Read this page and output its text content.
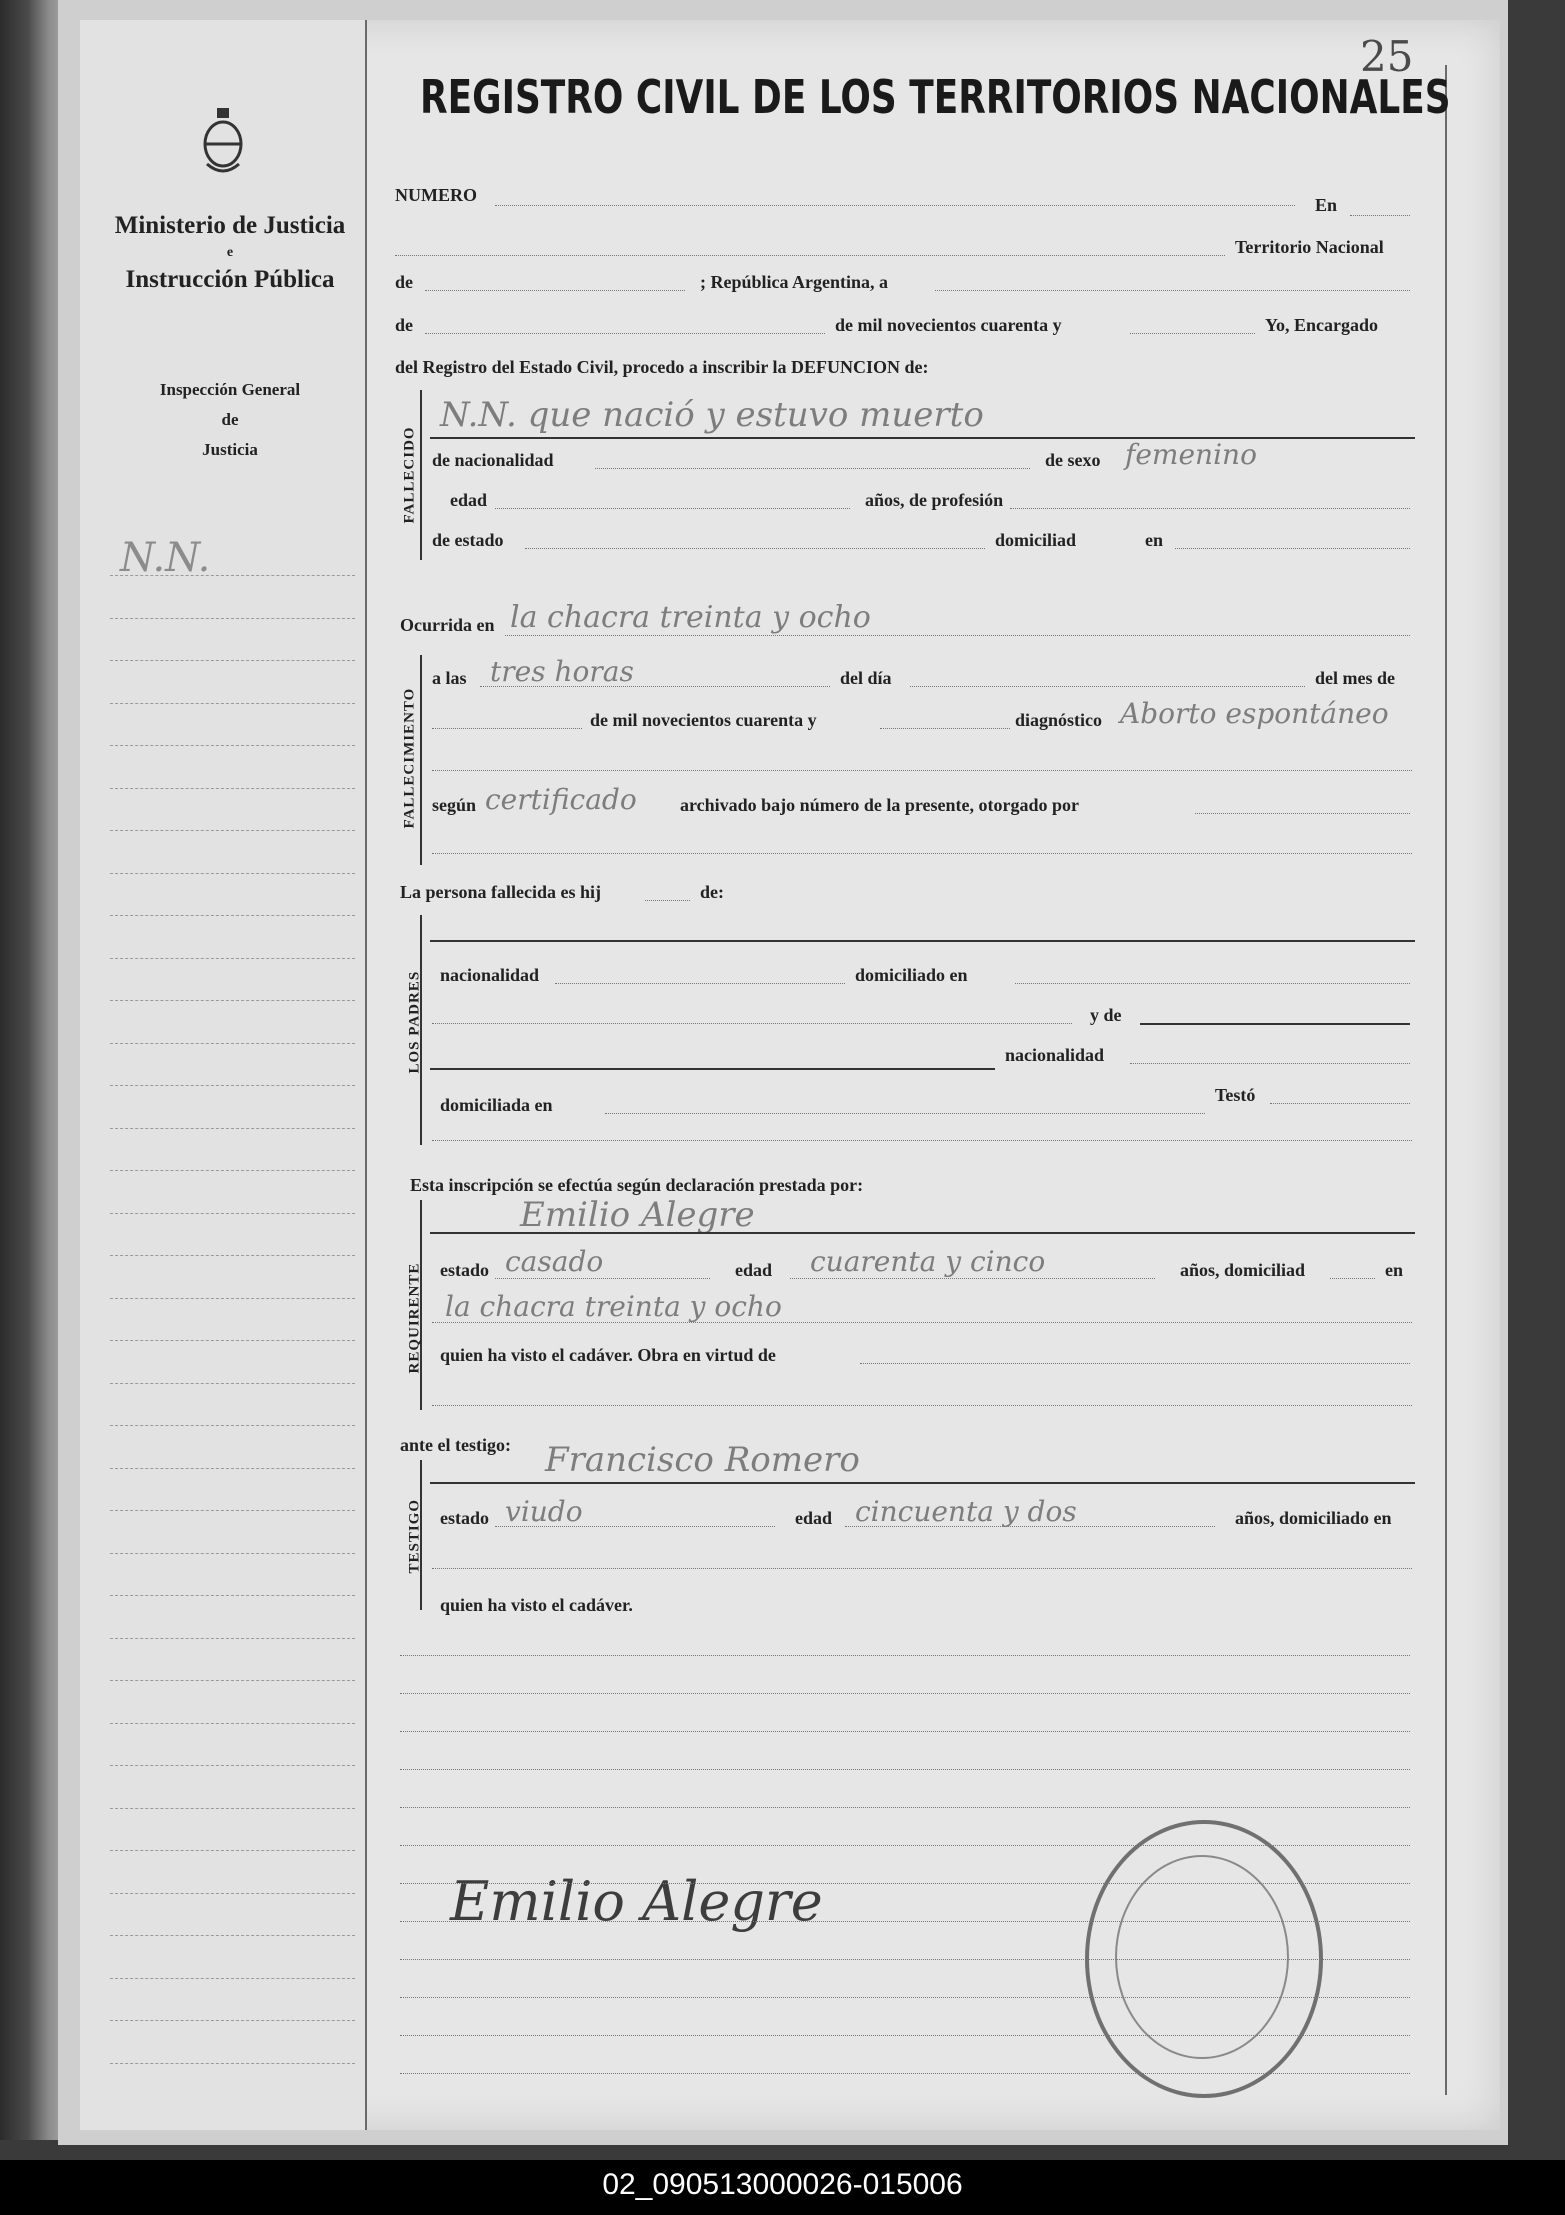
Ministerio de Justicia
e
Instrucción Pública
Inspección General
de
Justicia
N.N.
25
REGISTRO CIVIL DE LOS TERRITORIOS NACIONALES
NUMERO	En
Territorio Nacional
de	; República Argentina, a
de	de mil novecientos cuarenta y	Yo, Encargado
del Registro del Estado Civil, procedo a inscribir la DEFUNCION de:
FALLECIDO
N.N. que nació y estuvo muerto
de nacionalidad	de sexo femenino
edad	años, de profesión
de estado	domiciliad	en
Ocurrida en la chacra treinta y ocho
FALLECIMIENTO
a las tres horas	del día	del mes de
de mil novecientos cuarenta y	diagnóstico Aborto espontáneo
según certificado archivado bajo número de la presente, otorgado por
La persona fallecida es hij	de:
LOS PADRES nacionalidad	domiciliado en
y de
nacionalidad
domiciliada en	Testó
Esta inscripción se efectúa según declaración prestada por:
REQUIRENTE
Emilio Alegre
estado casado	edad cuarenta y cinco	años, domiciliad	en
la chacra treinta y ocho
quien ha visto el cadáver. Obra en virtud de
ante el testigo:
TESTIGO
Francisco Romero
estado viudo	edad cincuenta y dos	años, domiciliado en
quien ha visto el cadáver.
Emilio Alegre
02_090513000026-015006
